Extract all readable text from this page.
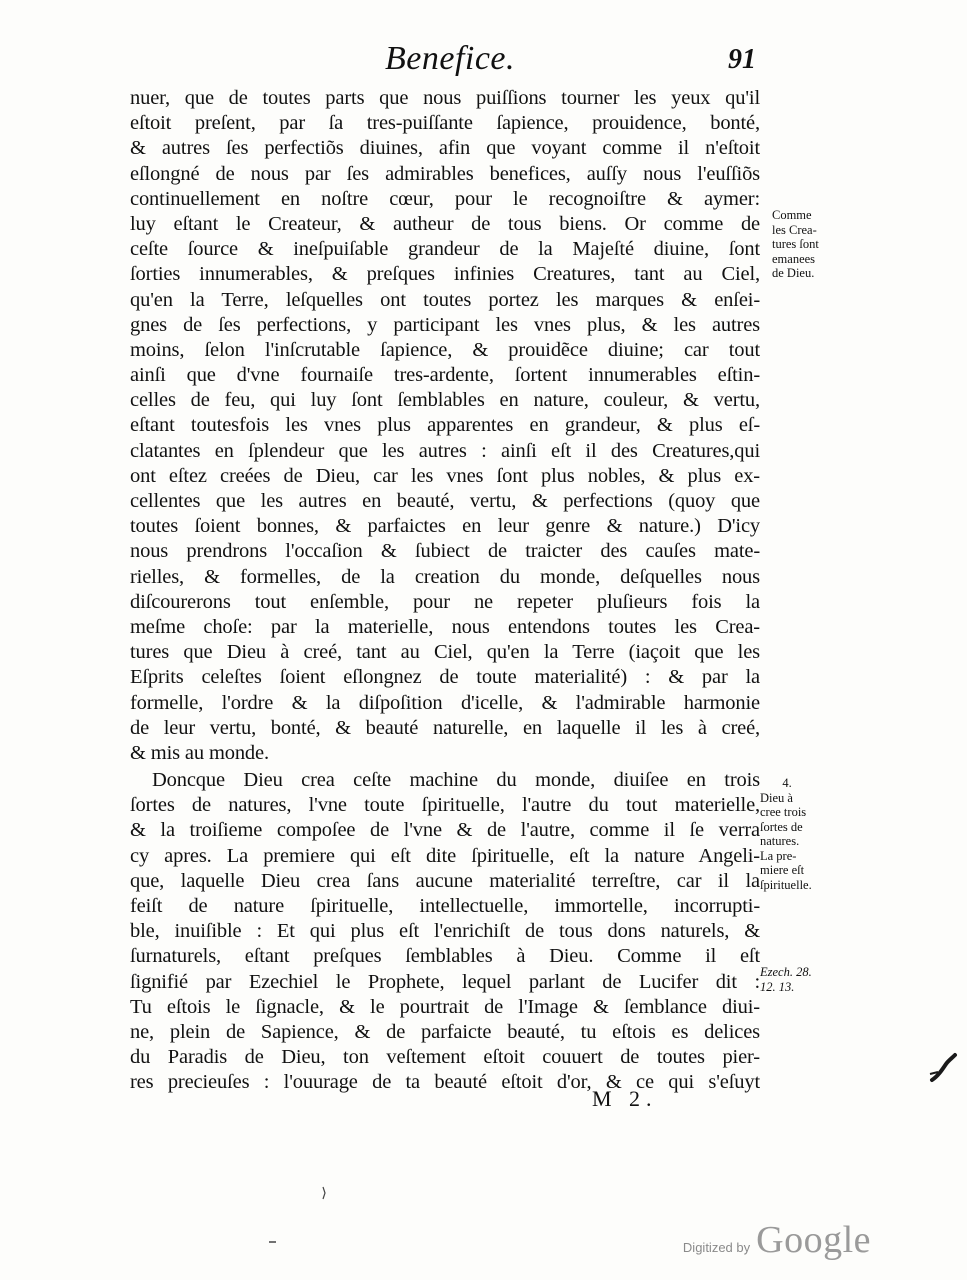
Benefice.	91
nuer, que de toutes parts que nous puiſſions tourner les yeux qu'il
eſtoit preſent, par ſa tres-puiſſante ſapience, prouidence, bonté,
& autres ſes perfectiõs diuines, afin que voyant comme il n'eſtoit
eſlongné de nous par ſes admirables benefices, auſſy nous l'euſſiõs
continuellement en noſtre cœur, pour le recognoiſtre & aymer:
luy eſtant le Createur, & autheur de tous biens. Or comme de
ceſte ſource & ineſpuiſable grandeur de la Majeſté diuine, ſont
ſorties innumerables, & preſques infinies Creatures, tant au Ciel,
qu'en la Terre, leſquelles ont toutes portez les marques & enſei-
gnes de ſes perfections, y participant les vnes plus, & les autres
moins, ſelon l'inſcrutable ſapience, & prouidẽce diuine; car tout
ainſi que d'vne fournaiſe tres-ardente, ſortent innumerables eſtin-
celles de feu, qui luy ſont ſemblables en nature, couleur, & vertu,
eſtant toutesfois les vnes plus apparentes en grandeur, & plus eſ-
clatantes en ſplendeur que les autres : ainſi eſt il des Creatures,qui
ont eſtez creées de Dieu, car les vnes ſont plus nobles, & plus ex-
cellentes que les autres en beauté, vertu, & perfections (quoy que
toutes ſoient bonnes, & parfaictes en leur genre & nature.) D'icy
nous prendrons l'occaſion & ſubiect de traicter des cauſes mate-
rielles, & formelles, de la creation du monde, deſquelles nous
diſcourerons tout enſemble, pour ne repeter pluſieurs fois la
meſme choſe: par la materielle, nous entendons toutes les Crea-
tures que Dieu à creé, tant au Ciel, qu'en la Terre (iaçoit que les
Eſprits celeſtes ſoient eſlongnez de toute materialité) : & par la
formelle, l'ordre & la diſpoſition d'icelle, & l'admirable harmonie
de leur vertu, bonté, & beauté naturelle, en laquelle il les à creé,
& mis au monde.
Doncque Dieu crea ceſte machine du monde, diuiſee en trois
ſortes de natures, l'vne toute ſpirituelle, l'autre du tout materielle,
& la troiſieme compoſee de l'vne & de l'autre, comme il ſe verra
cy apres. La premiere qui eſt dite ſpirituelle, eſt la nature Angeli-
que, laquelle Dieu crea ſans aucune materialité terreſtre, car il la
feiſt de nature ſpirituelle, intellectuelle, immortelle, incorrupti-
ble, inuiſible : Et qui plus eſt l'enrichiſt de tous dons naturels, &
ſurnaturels, eſtant preſques ſemblables à Dieu. Comme il eſt
ſignifié par Ezechiel le Prophete, lequel parlant de Lucifer dit :
Tu eſtois le ſignacle, & le pourtrait de l'Image & ſemblance diui-
ne, plein de Sapience, & de parfaicte beauté, tu eſtois es delices
du Paradis de Dieu, ton veſtement eſtoit couuert de toutes pier-
res precieuſes : l'ouurage de ta beauté eſtoit d'or, & ce qui s'eſuyt
M 2.
Comme
les Crea-
tures ſont
emanees
de Dieu.
4.
Dieu à
cree trois
ſortes de
natures.
La pre-
miere eſt
ſpirituelle.
Ezech. 28.
12. 13.
Digitized by Google
